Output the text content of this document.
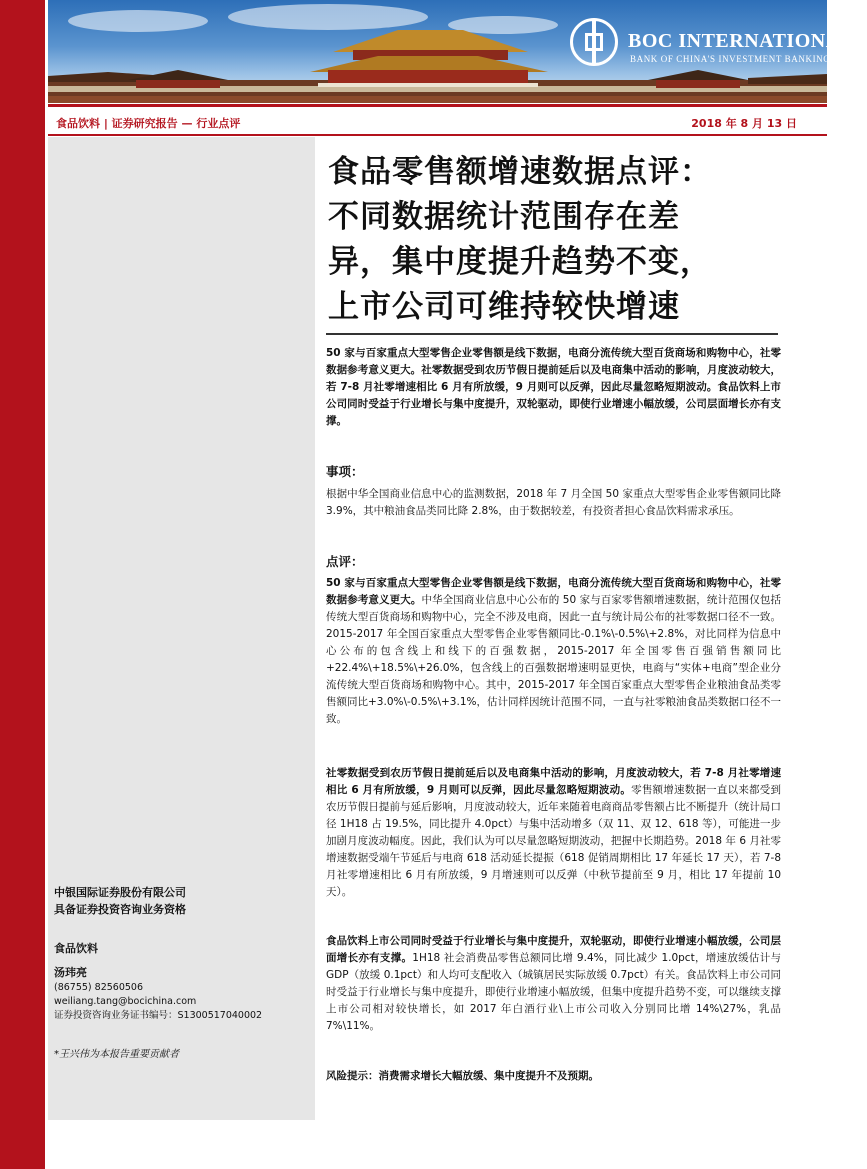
BOC INTERNATIONAL
BANK OF CHINA'S INVESTMENT BANKING GROUP
食品饮料 | 证券研究报告 — 行业点评	2018 年 8 月 13 日
中银国际证券股份有限公司
具备证券投资咨询业务资格
食品饮料
汤玮亮
(86755) 82560506
weiliang.tang@bocichina.com
证券投资咨询业务证书编号：S1300517040002
*王兴伟为本报告重要贡献者
食品零售额增速数据点评：
不同数据统计范围存在差
异，集中度提升趋势不变，
上市公司可维持较快增速
50 家与百家重点大型零售企业零售额是线下数据，电商分流传统大型百货商场和购物中心，社零数据参考意义更大。社零数据受到农历节假日提前延后以及电商集中活动的影响，月度波动较大，若 7-8 月社零增速相比 6 月有所放缓，9 月则可以反弹，因此尽量忽略短期波动。食品饮料上市公司同时受益于行业增长与集中度提升，双轮驱动，即使行业增速小幅放缓，公司层面增长亦有支撑。
事项：
根据中华全国商业信息中心的监测数据，2018 年 7 月全国 50 家重点大型零售企业零售额同比降 3.9%，其中粮油食品类同比降 2.8%，由于数据较差，有投资者担心食品饮料需求承压。
点评：
50 家与百家重点大型零售企业零售额是线下数据，电商分流传统大型百货商场和购物中心，社零数据参考意义更大。中华全国商业信息中心公布的 50 家与百家零售额增速数据，统计范围仅包括传统大型百货商场和购物中心，完全不涉及电商，因此一直与统计局公布的社零数据口径不一致。2015-2017 年全国百家重点大型零售企业零售额同比-0.1%\-0.5%\+2.8%，对比同样为信息中心公布的包含线上和线下的百强数据，2015-2017 年全国零售百强销售额同比+22.4%\+18.5%\+26.0%，包含线上的百强数据增速明显更快，电商与“实体+电商”型企业分流传统大型百货商场和购物中心。其中，2015-2017 年全国百家重点大型零售企业粮油食品类零售额同比+3.0%\-0.5%\+3.1%，估计同样因统计范围不同，一直与社零粮油食品类数据口径不一致。
社零数据受到农历节假日提前延后以及电商集中活动的影响，月度波动较大，若 7-8 月社零增速相比 6 月有所放缓，9 月则可以反弹，因此尽量忽略短期波动。零售额增速数据一直以来都受到农历节假日提前与延后影响，月度波动较大，近年来随着电商商品零售额占比不断提升（统计局口径 1H18 占 19.5%，同比提升 4.0pct）与集中活动增多（双 11、双 12、618 等），可能进一步加剧月度波动幅度。因此，我们认为可以尽量忽略短期波动，把握中长期趋势。2018 年 6 月社零增速数据受端午节延后与电商 618 活动延长提振（618 促销周期相比 17 年延长 17 天），若 7-8 月社零增速相比 6 月有所放缓，9 月增速则可以反弹（中秋节提前至 9 月，相比 17 年提前 10 天）。
食品饮料上市公司同时受益于行业增长与集中度提升，双轮驱动，即使行业增速小幅放缓，公司层面增长亦有支撑。1H18 社会消费品零售总额同比增 9.4%，同比减少 1.0pct，增速放缓估计与 GDP（放缓 0.1pct）和人均可支配收入（城镇居民实际放缓 0.7pct）有关。食品饮料上市公司同时受益于行业增长与集中度提升，即使行业增速小幅放缓，但集中度提升趋势不变，可以继续支撑上市公司相对较快增长，如 2017 年白酒行业\上市公司收入分别同比增 14%\27%，乳品 7%\11%。
风险提示：消费需求增长大幅放缓、集中度提升不及预期。
